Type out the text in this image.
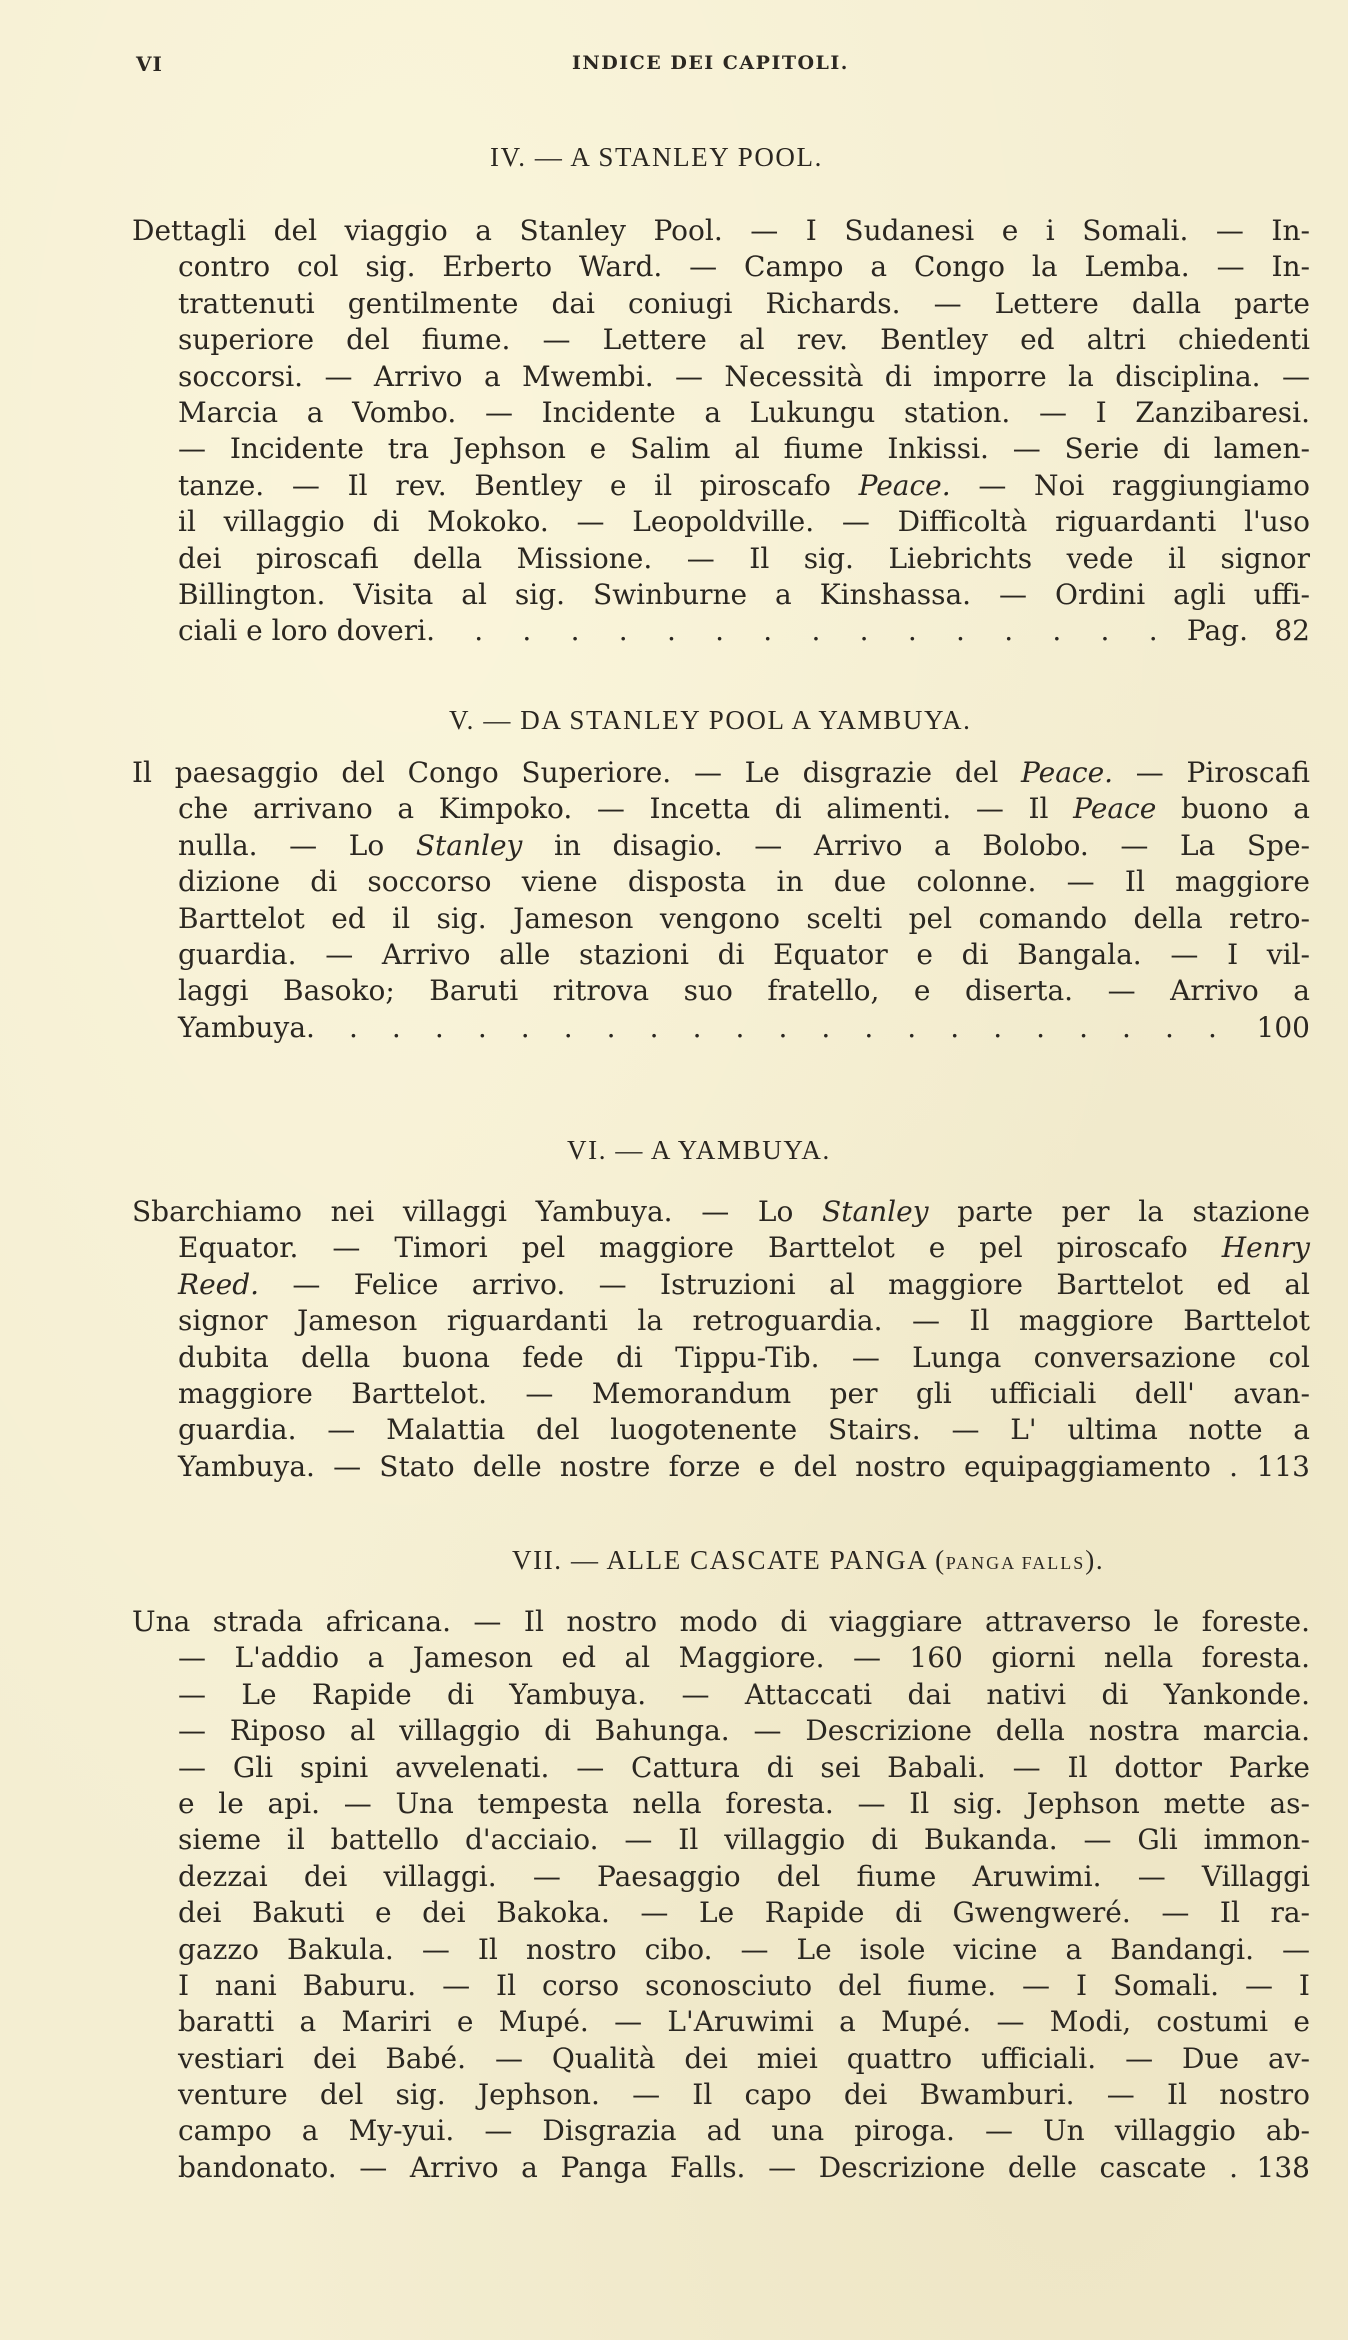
VI	INDICE DEI CAPITOLI.
IV. — A STANLEY POOL.
Dettagli del viaggio a Stanley Pool. — I Sudanesi e i Somali. — In-
contro col sig. Erberto Ward. — Campo a Congo la Lemba. — In-
trattenuti gentilmente dai coniugi Richards. — Lettere dalla parte
superiore del fiume. — Lettere al rev. Bentley ed altri chiedenti
soccorsi. — Arrivo a Mwembi. — Necessità di imporre la disciplina. —
Marcia a Vombo. — Incidente a Lukungu station. — I Zanzibaresi.
— Incidente tra Jephson e Salim al fiume Inkissi. — Serie di lamen-
tanze. — Il rev. Bentley e il piroscafo Peace. — Noi raggiungiamo
il villaggio di Mokoko. — Leopoldville. — Difficoltà riguardanti l'uso
dei piroscafi della Missione. — Il sig. Liebrichts vede il signor
Billington. Visita al sig. Swinburne a Kinshassa. — Ordini agli uffi-
ciali e loro doveri. . . . . . . . . . . . . . . .	82
Pag.
V. — DA STANLEY POOL A YAMBUYA.
Il paesaggio del Congo Superiore. — Le disgrazie del Peace. — Piroscafi
che arrivano a Kimpoko. — Incetta di alimenti. — Il Peace buono a
nulla. — Lo Stanley in disagio. — Arrivo a Bolobo. — La Spe-
dizione di soccorso viene disposta in due colonne. — Il maggiore
Barttelot ed il sig. Jameson vengono scelti pel comando della retro-
guardia. — Arrivo alle stazioni di Equator e di Bangala. — I vil-
laggi Basoko; Baruti ritrova suo fratello, e diserta. — Arrivo a
Yambuya. . . . . . . . . . . . . . . . . . . . . . 100
VI. — A YAMBUYA.
Sbarchiamo nei villaggi Yambuya. — Lo Stanley parte per la stazione
Equator. — Timori pel maggiore Barttelot e pel piroscafo Henry
Reed. — Felice arrivo. — Istruzioni al maggiore Barttelot ed al
signor Jameson riguardanti la retroguardia. — Il maggiore Barttelot
dubita della buona fede di Tippu-Tib. — Lunga conversazione col
maggiore Barttelot. — Memorandum per gli ufficiali dell' avan-
guardia. — Malattia del luogotenente Stairs. — L' ultima notte a
Yambuya. — Stato delle nostre forze e del nostro equipaggiamento . 113
VII. — ALLE CASCATE PANGA (PANGA FALLS).
Una strada africana. — Il nostro modo di viaggiare attraverso le foreste.
— L'addio a Jameson ed al Maggiore. — 160 giorni nella foresta.
— Le Rapide di Yambuya. — Attaccati dai nativi di Yankonde.
— Riposo al villaggio di Bahunga. — Descrizione della nostra marcia.
— Gli spini avvelenati. — Cattura di sei Babali. — Il dottor Parke
e le api. — Una tempesta nella foresta. — Il sig. Jephson mette as-
sieme il battello d'acciaio. — Il villaggio di Bukanda. — Gli immon-
dezzai dei villaggi. — Paesaggio del fiume Aruwimi. — Villaggi
dei Bakuti e dei Bakoka. — Le Rapide di Gwengweré. — Il ra-
gazzo Bakula. — Il nostro cibo. — Le isole vicine a Bandangi. —
I nani Baburu. — Il corso sconosciuto del fiume. — I Somali. — I
baratti a Mariri e Mupé. — L'Aruwimi a Mupé. — Modi, costumi e
vestiari dei Babé. — Qualità dei miei quattro ufficiali. — Due av-
venture del sig. Jephson. — Il capo dei Bwamburi. — Il nostro
campo a My-yui. — Disgrazia ad una piroga. — Un villaggio ab-
bandonato. — Arrivo a Panga Falls. — Descrizione delle cascate . 138
